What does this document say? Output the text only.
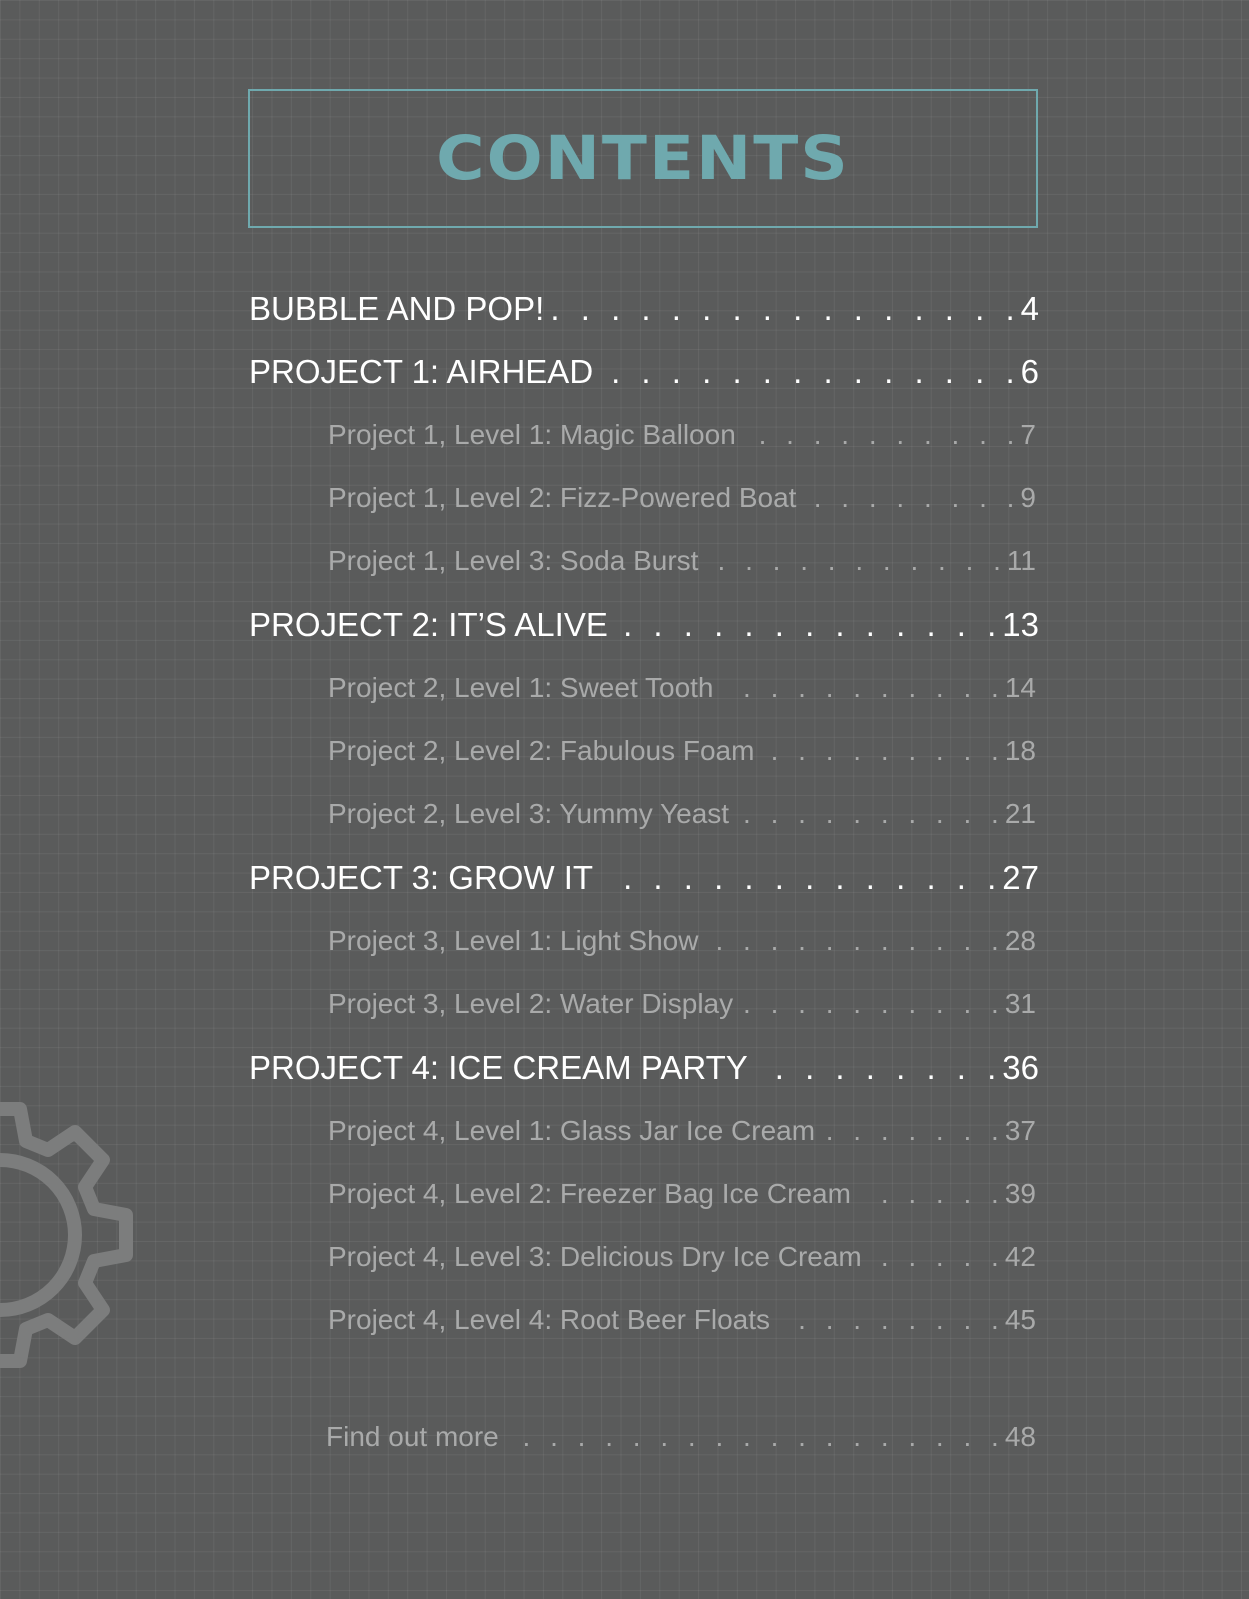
CONTENTS
BUBBLE AND POP! . . .	4
PROJECT 1: AIRHEAD . . .	6
Project 1, Level 1: Magic Balloon . . .	7
Project 1, Level 2: Fizz-Powered Boat . . .	9
Project 1, Level 3: Soda Burst . . .	11
PROJECT 2: IT’S ALIVE . . .	13
Project 2, Level 1: Sweet Tooth . . .	14
Project 2, Level 2: Fabulous Foam . . .	18
Project 2, Level 3: Yummy Yeast . . .	21
PROJECT 3: GROW IT . . .	27
Project 3, Level 1: Light Show . . .	28
Project 3, Level 2: Water Display . . .	31
PROJECT 4: ICE CREAM PARTY . . .	36
Project 4, Level 1: Glass Jar Ice Cream . . .	37
Project 4, Level 2: Freezer Bag Ice Cream . . .	39
Project 4, Level 3: Delicious Dry Ice Cream . . .	42
Project 4, Level 4: Root Beer Floats . . .	45
Find out more . . .	48
